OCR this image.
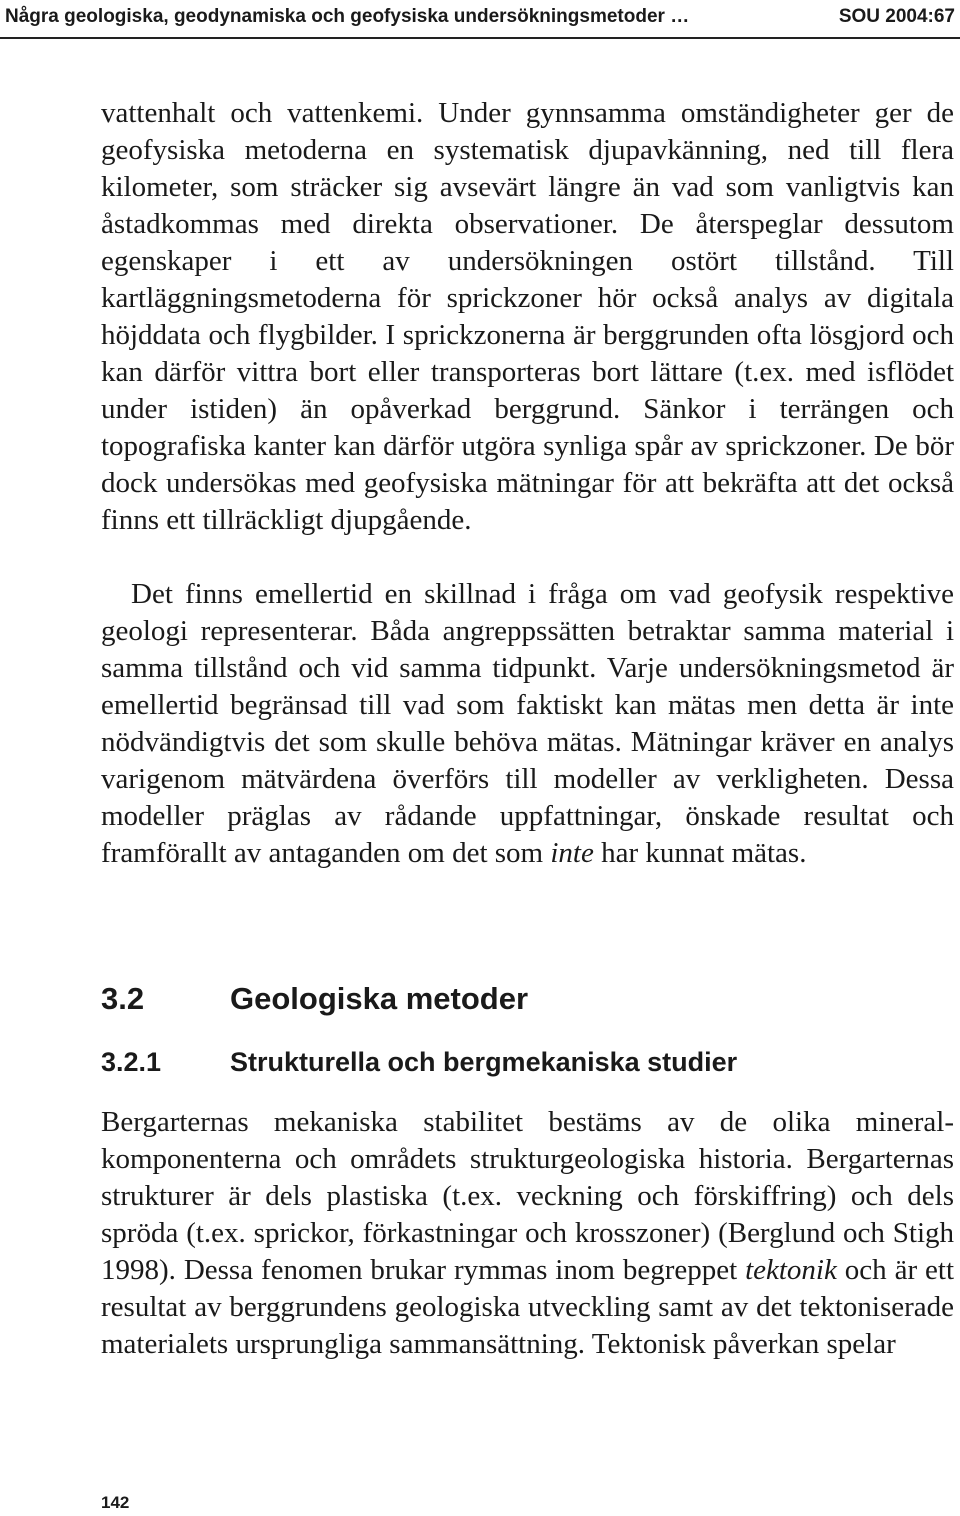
Några geologiska, geodynamiska och geofysiska undersökningsmetoder …	SOU 2004:67

vattenhalt och vattenkemi. Under gynnsamma omständigheter ger de geofysiska metoderna en systematisk djupavkänning, ned till flera kilometer, som sträcker sig avsevärt längre än vad som vanligtvis kan åstadkommas med direkta observationer. De återspeglar dessutom egenskaper i ett av undersökningen ostört tillstånd. Till kartläggningsmetoderna för sprickzoner hör också analys av digitala höjddata och flygbilder. I sprickzonerna är berggrunden ofta lösgjord och kan därför vittra bort eller transporteras bort lättare (t.ex. med isflödet under istiden) än opåverkad berggrund. Sänkor i terrängen och topografiska kanter kan därför utgöra synliga spår av sprickzoner. De bör dock undersökas med geofysiska mätningar för att bekräfta att det också finns ett tillräckligt djupgående.

Det finns emellertid en skillnad i fråga om vad geofysik respektive geologi representerar. Båda angreppssätten betraktar samma material i samma tillstånd och vid samma tidpunkt. Varje undersökningsmetod är emellertid begränsad till vad som faktiskt kan mätas men detta är inte nödvändigtvis det som skulle behöva mätas. Mätningar kräver en analys varigenom mätvärdena överförs till modeller av verkligheten. Dessa modeller präglas av rådande uppfattningar, önskade resultat och framförallt av antaganden om det som inte har kunnat mätas.

3.2	Geologiska metoder
3.2.1	Strukturella och bergmekaniska studier

Bergarternas mekaniska stabilitet bestäms av de olika mineralkomponenterna och områdets strukturgeologiska historia. Bergarternas strukturer är dels plastiska (t.ex. veckning och förskiffring) och dels spröda (t.ex. sprickor, förkastningar och krosszoner) (Berglund och Stigh 1998). Dessa fenomen brukar rymmas inom begreppet tektonik och är ett resultat av berggrundens geologiska utveckling samt av det tektoniserade materialets ursprungliga sammansättning. Tektonisk påverkan spelar

142
